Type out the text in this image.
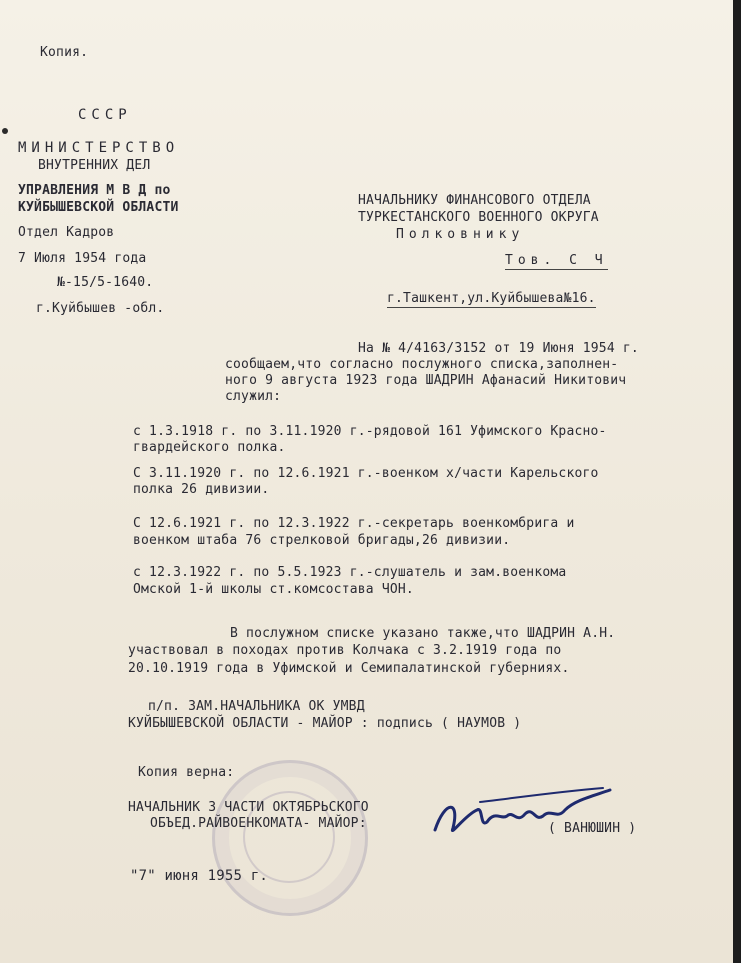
Копия.
СССР
МИНИСТЕРСТВО
ВНУТРЕННИХ ДЕЛ
УПРАВЛЕНИЯ М В Д по
КУЙБЫШЕВСКОЙ ОБЛАСТИ
Отдел Кадров
7 Июля 1954 года
№-15/5-1640.
г.Куйбышев -обл.
НАЧАЛЬНИКУ ФИНАНСОВОГО ОТДЕЛА
ТУРКЕСТАНСКОГО ВОЕННОГО ОКРУГА
Полковнику
Тов. С Ч
г.Ташкент,ул.Куйбышева№16.
На № 4/4163/3152 от 19 Июня 1954 г.
сообщаем,что согласно послужного списка,заполнен-
ного 9 августа 1923 года ШАДРИН Афанасий Никитович
служил:
с 1.3.1918 г. по 3.11.1920 г.-рядовой 161 Уфимского Красно-
гвардейского полка.
С 3.11.1920 г. по 12.6.1921 г.-военком х/части Карельского
полка 26 дивизии.
С 12.6.1921 г. по 12.3.1922 г.-секретарь военкомбрига и
военком штаба 76 стрелковой бригады,26 дивизии.
с 12.3.1922 г. по 5.5.1923 г.-слушатель и зам.военкома
Омской 1-й школы ст.комсостава ЧОН.
В послужном списке указано также,что ШАДРИН А.Н.
участвовал в походах против Колчака с 3.2.1919 года по
20.10.1919 года в Уфимской и Семипалатинской губерниях.
п/п. ЗАМ.НАЧАЛЬНИКА ОК УМВД
КУЙБЫШЕВСКОЙ ОБЛАСТИ - МАЙОР : подпись ( НАУМОВ )
Копия верна:
НАЧАЛЬНИК 3 ЧАСТИ ОКТЯБРЬСКОГО
ОБЪЕД.РАЙВОЕНКОМАТА- МАЙОР:	( ВАНЮШИН )
"7" июня 1955 г.
